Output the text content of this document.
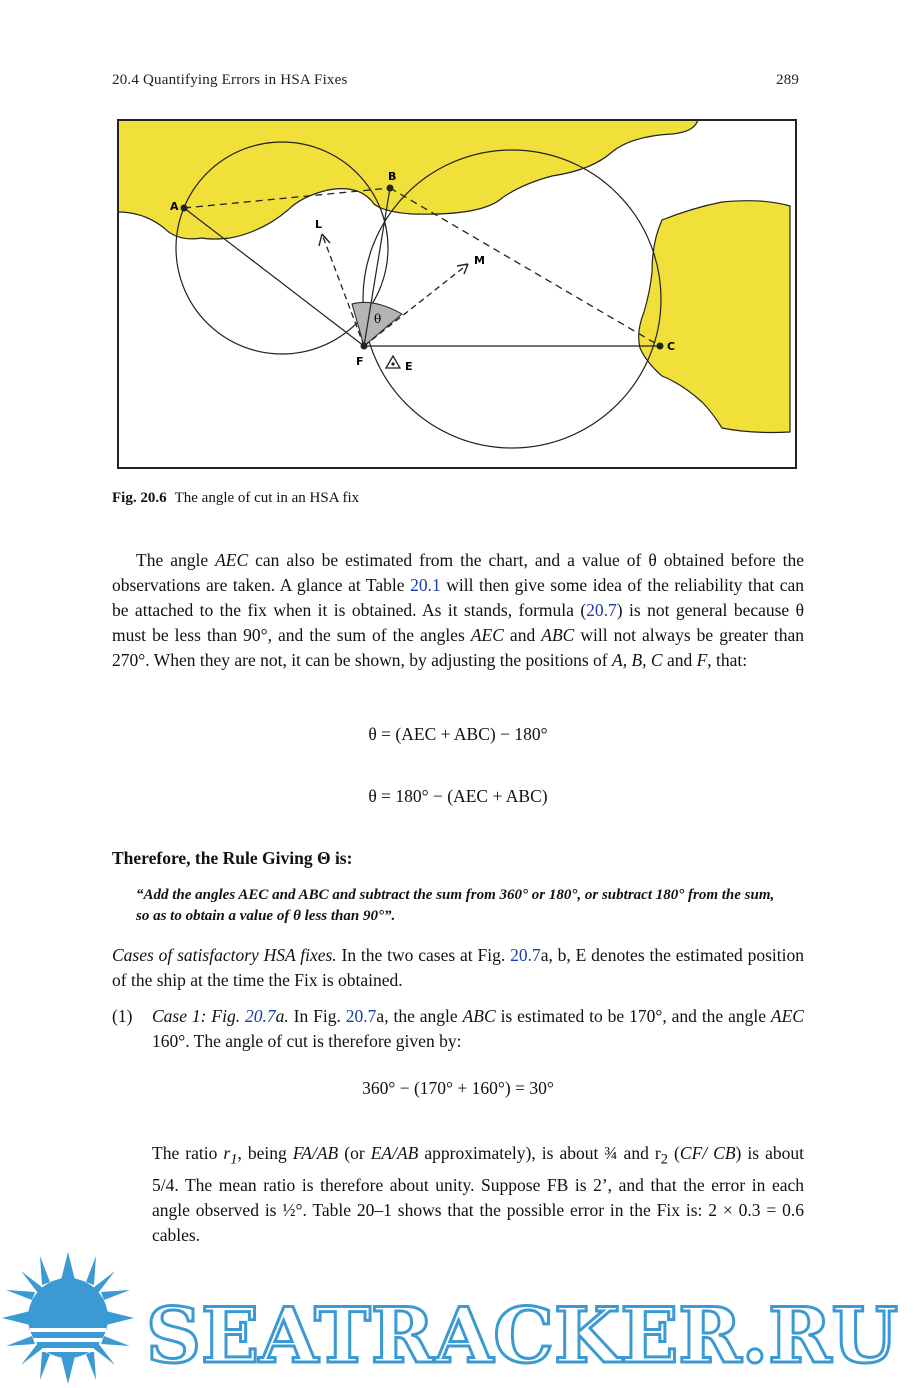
20.4 Quantifying Errors in HSA Fixes	289
A
B
C
F	E
L
M
θ
Fig. 20.6 The angle of cut in an HSA fix
The angle AEC can also be estimated from the chart, and a value of θ obtained before the observations are taken. A glance at Table 20.1 will then give some idea of the reliability that can be attached to the fix when it is obtained. As it stands, formula (20.7) is not general because θ must be less than 90°, and the sum of the angles AEC and ABC will not always be greater than 270°. When they are not, it can be shown, by adjusting the positions of A, B, C and F, that:
θ = (AEC + ABC) − 180°
θ = 180° − (AEC + ABC)
Therefore, the Rule Giving Θ is:
“Add the angles AEC and ABC and subtract the sum from 360° or 180°, or subtract 180° from the sum, so as to obtain a value of θ less than 90°”.
Cases of satisfactory HSA fixes. In the two cases at Fig. 20.7a, b, E denotes the estimated position of the ship at the time the Fix is obtained.
(1) Case 1: Fig. 20.7a. In Fig. 20.7a, the angle ABC is estimated to be 170°, and the angle AEC 160°. The angle of cut is therefore given by:
360° − (170° + 160°) = 30°
The ratio $r_1$, being FA/AB (or EA/AB approximately), is about ¾ and $r_2$ (CF/ CB) is about 5/4. The mean ratio is therefore about unity. Suppose FB is 2’, and that the error in each angle observed is ½°. Table 20–1 shows that the possible error in the Fix is: 2 × 0.3 = 0.6 cables.
SEATRACKER.RU
